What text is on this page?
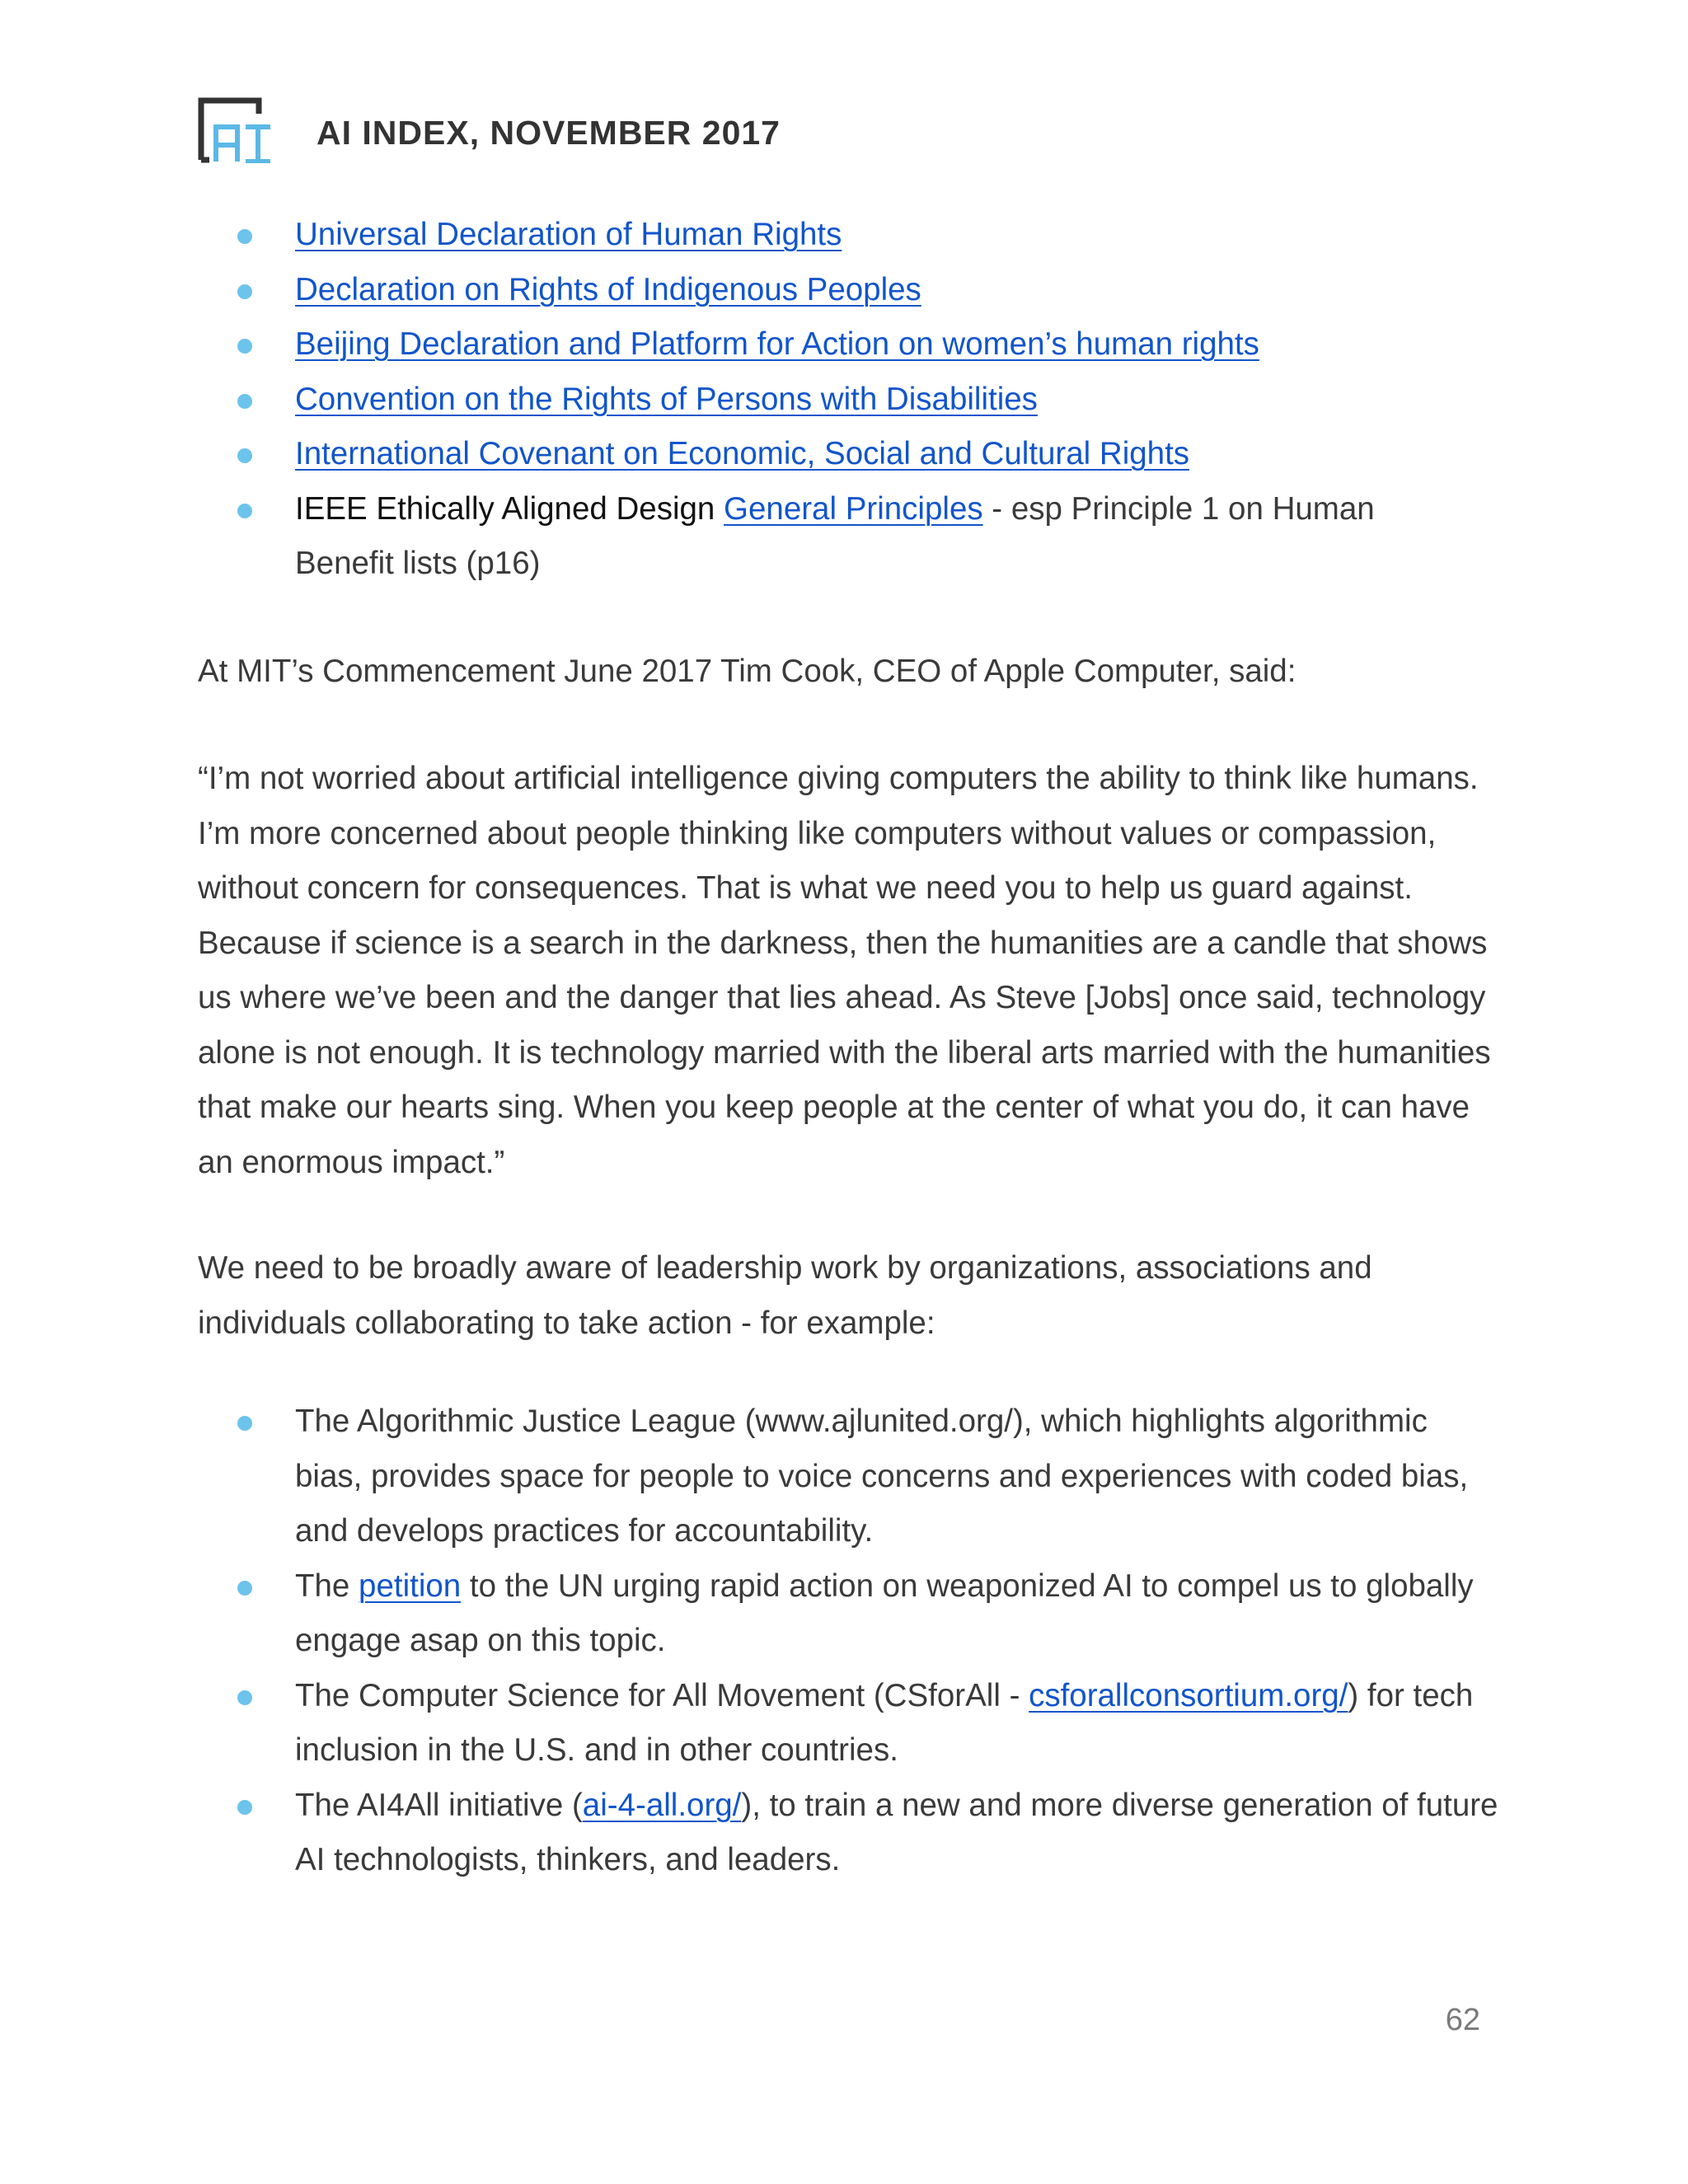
AI INDEX, NOVEMBER 2017
Universal Declaration of Human Rights
Declaration on Rights of Indigenous Peoples
Beijing Declaration and Platform for Action on women’s human rights
Convention on the Rights of Persons with Disabilities
International Covenant on Economic, Social and Cultural Rights
IEEE Ethically Aligned Design General Principles - esp Principle 1 on Human Benefit lists (p16)

At MIT’s Commencement June 2017 Tim Cook, CEO of Apple Computer, said:

“I’m not worried about artificial intelligence giving computers the ability to think like humans. I’m more concerned about people thinking like computers without values or compassion, without concern for consequences. That is what we need you to help us guard against. Because if science is a search in the darkness, then the humanities are a candle that shows us where we’ve been and the danger that lies ahead. As Steve [Jobs] once said, technology alone is not enough. It is technology married with the liberal arts married with the humanities that make our hearts sing. When you keep people at the center of what you do, it can have an enormous impact.”

We need to be broadly aware of leadership work by organizations, associations and individuals collaborating to take action - for example:

The Algorithmic Justice League (www.ajlunited.org/), which highlights algorithmic bias, provides space for people to voice concerns and experiences with coded bias, and develops practices for accountability.
The petition to the UN urging rapid action on weaponized AI to compel us to globally engage asap on this topic.
The Computer Science for All Movement (CSforAll - csforallconsortium.org/) for tech inclusion in the U.S. and in other countries.
The AI4All initiative (ai-4-all.org/), to train a new and more diverse generation of future AI technologists, thinkers, and leaders.
62
